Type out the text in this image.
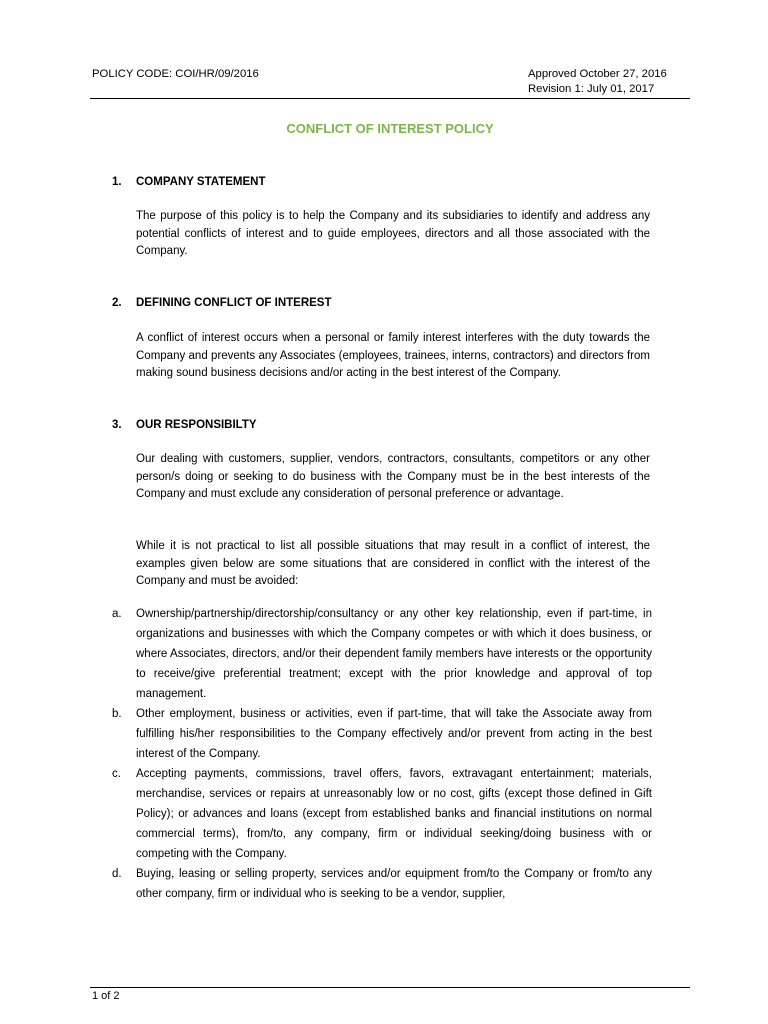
POLICY CODE: COI/HR/09/2016	Approved October 27, 2016
Revision 1: July 01, 2017
CONFLICT OF INTEREST POLICY
1. COMPANY STATEMENT
The purpose of this policy is to help the Company and its subsidiaries to identify and address any potential conflicts of interest and to guide employees, directors and all those associated with the Company.
2. DEFINING CONFLICT OF INTEREST
A conflict of interest occurs when a personal or family interest interferes with the duty towards the Company and prevents any Associates (employees, trainees, interns, contractors) and directors from making sound business decisions and/or acting in the best interest of the Company.
3. OUR RESPONSIBILTY
Our dealing with customers, supplier, vendors, contractors, consultants, competitors or any other person/s doing or seeking to do business with the Company must be in the best interests of the Company and must exclude any consideration of personal preference or advantage.
While it is not practical to list all possible situations that may result in a conflict of interest, the examples given below are some situations that are considered in conflict with the interest of the Company and must be avoided:
a. Ownership/partnership/directorship/consultancy or any other key relationship, even if part-time, in organizations and businesses with which the Company competes or with which it does business, or where Associates, directors, and/or their dependent family members have interests or the opportunity to receive/give preferential treatment; except with the prior knowledge and approval of top management.
b. Other employment, business or activities, even if part-time, that will take the Associate away from fulfilling his/her responsibilities to the Company effectively and/or prevent from acting in the best interest of the Company.
c. Accepting payments, commissions, travel offers, favors, extravagant entertainment; materials, merchandise, services or repairs at unreasonably low or no cost, gifts (except those defined in Gift Policy); or advances and loans (except from established banks and financial institutions on normal commercial terms), from/to, any company, firm or individual seeking/doing business with or competing with the Company.
d. Buying, leasing or selling property, services and/or equipment from/to the Company or from/to any other company, firm or individual who is seeking to be a vendor, supplier,
1 of 2
